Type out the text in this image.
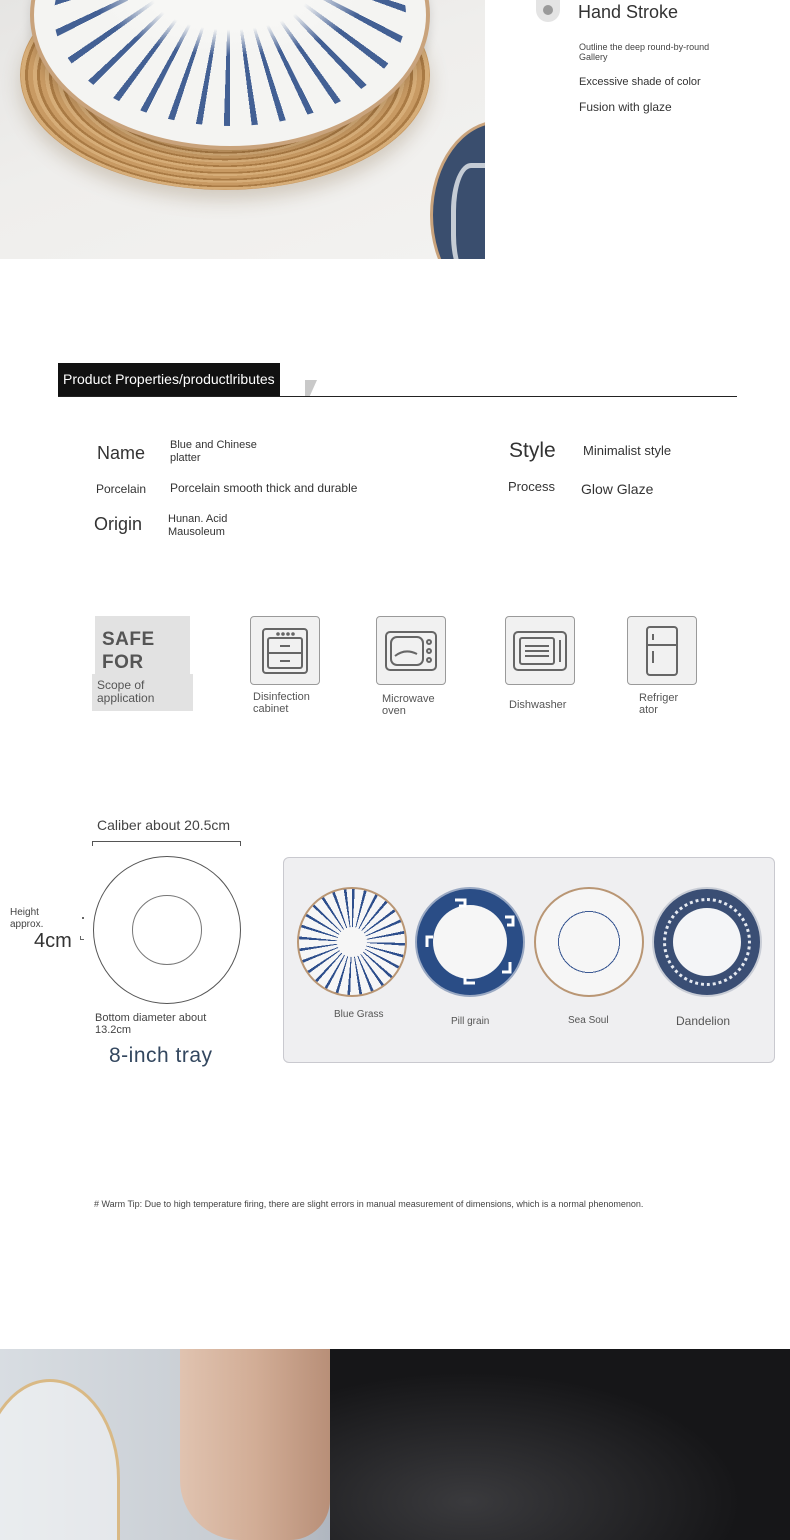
Hand Stroke
Outline the deep round-by-round Gallery
Excessive shade of color
Fusion with glaze
Product Properties/productlributes
Name Blue and Chinese platter	Style Minimalist style
Porcelain Porcelain smooth thick and durable	Process Glow Glaze
Origin Hunan. Acid Mausoleum
SAFE FOR
Scope of application	Disinfection cabinet
Microwave oven	Dishwasher
Refriger ator
Caliber about 20.5cm
Height approx.
4cm
Bottom diameter about 13.2cm
8-inch tray
Blue Grass
Pill grain	Sea Soul	Dandelion
# Warm Tip: Due to high temperature firing, there are slight errors in manual measurement of dimensions, which is a normal phenomenon.
